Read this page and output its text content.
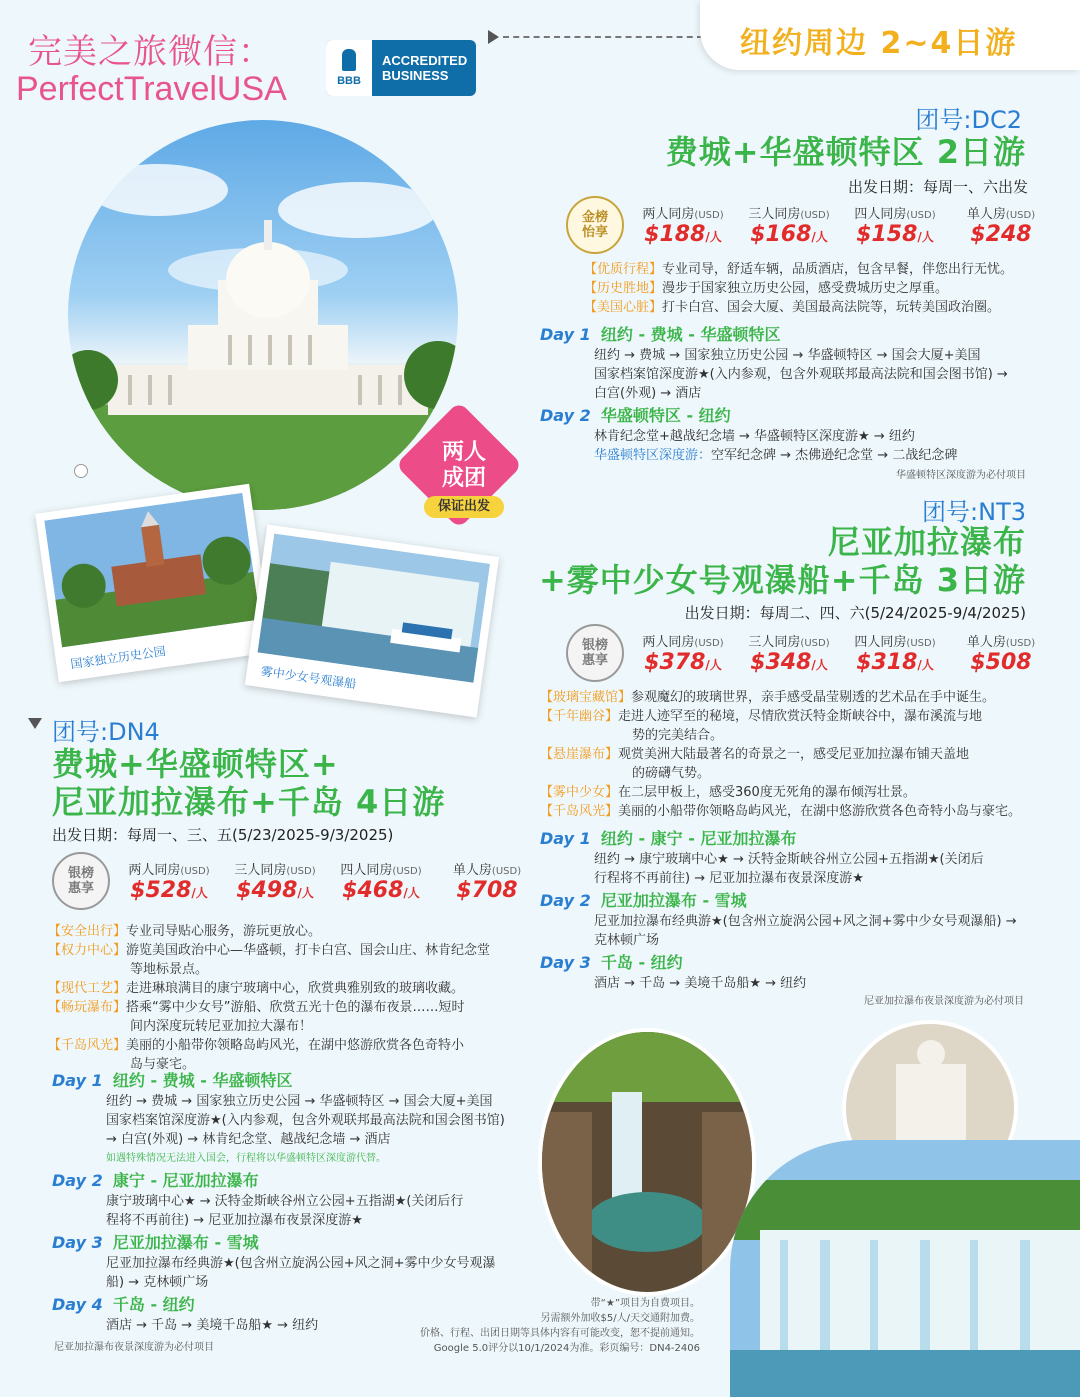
完美之旅微信：
PerfectTravelUSA	BBB
ACCREDITED
BUSINESS
纽约周边 2~4日游
两人
成团
保证出发
国家独立历史公园
雾中少女号观瀑船
团号:DC2
费城+华盛顿特区 2日游
出发日期：每周一、六出发
金榜
怡享
两人同房(USD)
$188/人
三人同房(USD)
$168/人
四人同房(USD)
$158/人
单人房(USD)
$248
【优质行程】专业司导，舒适车辆，品质酒店，包含早餐，伴您出行无忧。
【历史胜地】漫步于国家独立历史公园，感受费城历史之厚重。
【美国心脏】打卡白宫、国会大厦、美国最高法院等，玩转美国政治圈。
Day 1 纽约 - 费城 - 华盛顿特区
纽约 → 费城 → 国家独立历史公园 → 华盛顿特区 → 国会大厦+美国
国家档案馆深度游★(入内参观，包含外观联邦最高法院和国会图书馆) →
白宫(外观) → 酒店
Day 2 华盛顿特区 - 纽约
林肯纪念堂+越战纪念墙 → 华盛顿特区深度游★ → 纽约
华盛顿特区深度游：空军纪念碑 → 杰佛逊纪念堂 → 二战纪念碑
华盛顿特区深度游为必付项目
团号:NT3
尼亚加拉瀑布
+雾中少女号观瀑船+千岛 3日游
出发日期：每周二、四、六(5/24/2025-9/4/2025)
银榜
惠享
两人同房(USD)
$378/人
三人同房(USD)
$348/人
四人同房(USD)
$318/人
单人房(USD)
$508
【玻璃宝藏馆】参观魔幻的玻璃世界，亲手感受晶莹剔透的艺术品在手中诞生。
【千年幽谷】走进人迹罕至的秘境，尽情欣赏沃特金斯峡谷中，瀑布溪流与地
势的完美结合。
【悬崖瀑布】观赏美洲大陆最著名的奇景之一，感受尼亚加拉瀑布铺天盖地
的磅礴气势。
【雾中少女】在二层甲板上，感受360度无死角的瀑布倾泻壮景。
【千岛风光】美丽的小船带你领略岛屿风光，在湖中悠游欣赏各色奇特小岛与豪宅。
Day 1 纽约 - 康宁 - 尼亚加拉瀑布
纽约 → 康宁玻璃中心★ → 沃特金斯峡谷州立公园+五指湖★(关闭后
行程将不再前往) → 尼亚加拉瀑布夜景深度游★
Day 2 尼亚加拉瀑布 - 雪城
尼亚加拉瀑布经典游★(包含州立旋涡公园+风之洞+雾中少女号观瀑船) →
克林顿广场
Day 3 千岛 - 纽约
酒店 → 千岛 → 美境千岛船★ → 纽约
尼亚加拉瀑布夜景深度游为必付项目
团号:DN4
费城+华盛顿特区+
尼亚加拉瀑布+千岛 4日游
出发日期：每周一、三、五(5/23/2025-9/3/2025)
银榜
惠享
两人同房(USD)
$528/人
三人同房(USD)
$498/人
四人同房(USD)
$468/人
单人房(USD)
$708
【安全出行】专业司导贴心服务，游玩更放心。
【权力中心】游览美国政治中心—华盛顿，打卡白宫、国会山庄、林肯纪念堂
等地标景点。
【现代工艺】走进琳琅满目的康宁玻璃中心，欣赏典雅别致的玻璃收藏。
【畅玩瀑布】搭乘“雾中少女号”游船、欣赏五光十色的瀑布夜景……短时
间内深度玩转尼亚加拉大瀑布！
【千岛风光】美丽的小船带你领略岛屿风光，在湖中悠游欣赏各色奇特小
岛与豪宅。
Day 1 纽约 - 费城 - 华盛顿特区
纽约 → 费城 → 国家独立历史公园 → 华盛顿特区 → 国会大厦+美国
国家档案馆深度游★(入内参观，包含外观联邦最高法院和国会图书馆)
→ 白宫(外观) → 林肯纪念堂、越战纪念墙 → 酒店
如遇特殊情况无法进入国会，行程将以华盛顿特区深度游代替。
Day 2 康宁 - 尼亚加拉瀑布
康宁玻璃中心★ → 沃特金斯峡谷州立公园+五指湖★(关闭后行
程将不再前往) → 尼亚加拉瀑布夜景深度游★
Day 3 尼亚加拉瀑布 - 雪城
尼亚加拉瀑布经典游★(包含州立旋涡公园+风之洞+雾中少女号观瀑
船) → 克林顿广场
Day 4 千岛 - 纽约
酒店 → 千岛 → 美境千岛船★ → 纽约
尼亚加拉瀑布夜景深度游为必付项目
带“★”项目为自费项目。
另需额外加收$5/人/天交通附加费。
价格、行程、出团日期等具体内容有可能改变，恕不提前通知。
Google 5.0评分以10/1/2024为准。彩页编号：DN4-2406
